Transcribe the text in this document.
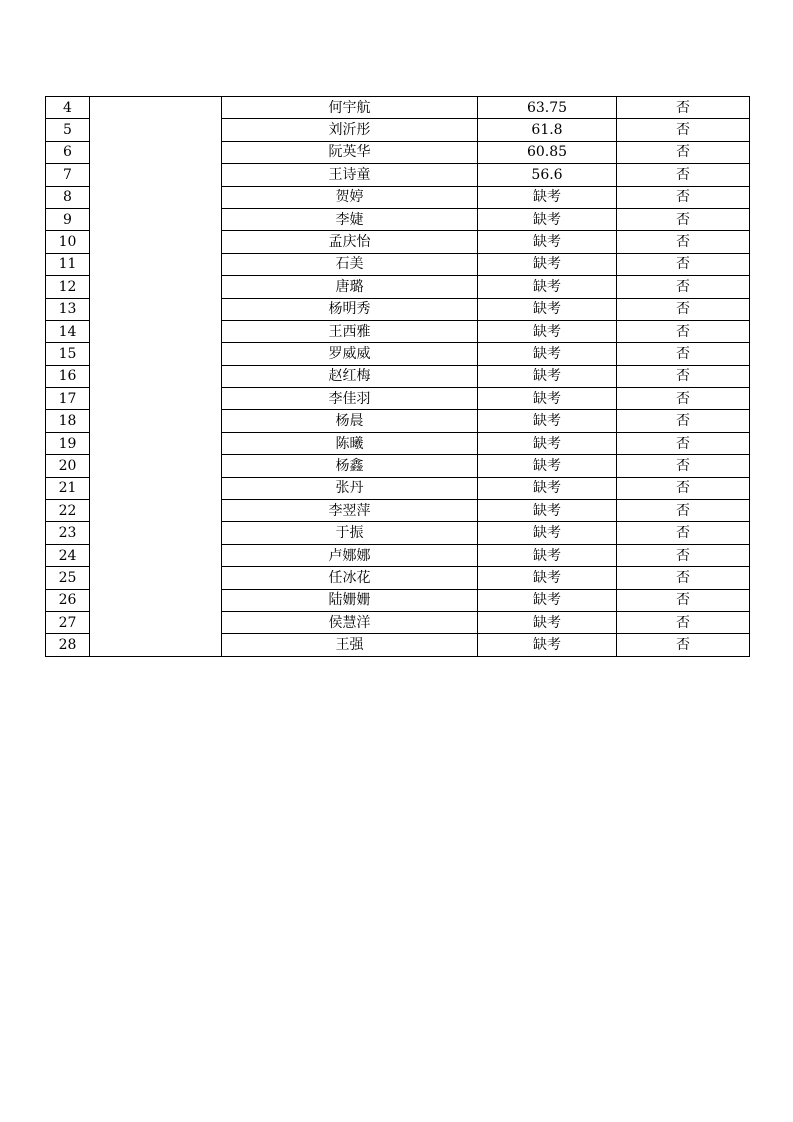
4		何宇航	63.75	否
5		刘沂彤	61.8	否
6		阮英华	60.85	否
7		王诗童	56.6	否
8		贺婷	缺考	否
9		李婕	缺考	否
10		孟庆怡	缺考	否
11		石美	缺考	否
12		唐璐	缺考	否
13		杨明秀	缺考	否
14		王西雅	缺考	否
15		罗威威	缺考	否
16		赵红梅	缺考	否
17		李佳羽	缺考	否
18		杨晨	缺考	否
19		陈曦	缺考	否
20		杨鑫	缺考	否
21		张丹	缺考	否
22		李翌萍	缺考	否
23		于振	缺考	否
24		卢娜娜	缺考	否
25		任冰花	缺考	否
26		陆姗姗	缺考	否
27		侯慧洋	缺考	否
28		王强	缺考	否
